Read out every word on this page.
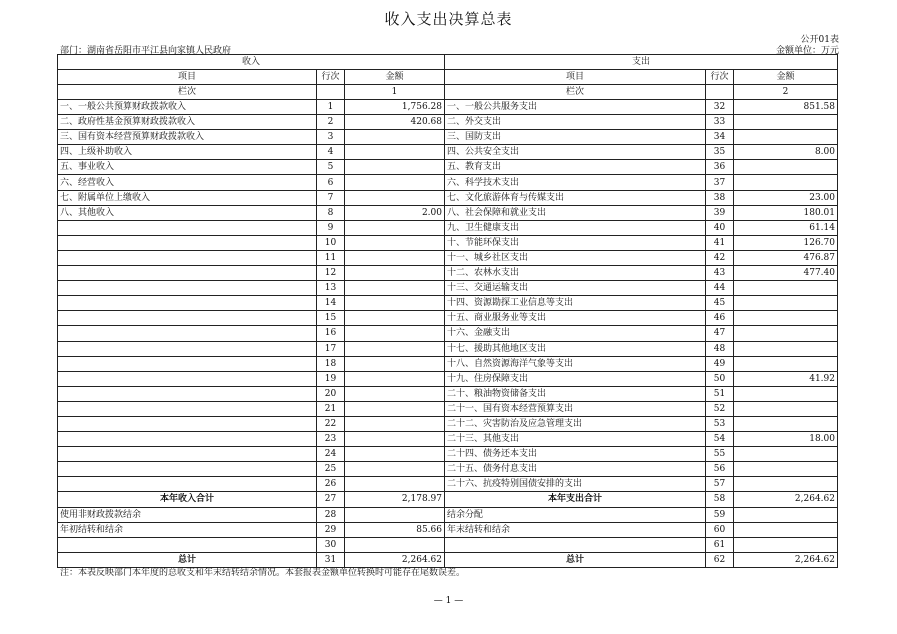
收入支出决算总表
公开01表
部门：湖南省岳阳市平江县向家镇人民政府	金额单位：万元
收入			支出		
项目	行次	金额	项目	行次	金额
栏次		1	栏次		2
一、一般公共预算财政拨款收入	1	1,756.28	一、一般公共服务支出	32	851.58
二、政府性基金预算财政拨款收入	2	420.68	二、外交支出	33	
三、国有资本经营预算财政拨款收入	3		三、国防支出	34	
四、上级补助收入	4		四、公共安全支出	35	8.00
五、事业收入	5		五、教育支出	36	
六、经营收入	6		六、科学技术支出	37	
七、附属单位上缴收入	7		七、文化旅游体育与传媒支出	38	23.00
八、其他收入	8	2.00	八、社会保障和就业支出	39	180.01
	9		九、卫生健康支出	40	61.14
	10		十、节能环保支出	41	126.70
	11		十一、城乡社区支出	42	476.87
	12		十二、农林水支出	43	477.40
	13		十三、交通运输支出	44	
	14		十四、资源勘探工业信息等支出	45	
	15		十五、商业服务业等支出	46	
	16		十六、金融支出	47	
	17		十七、援助其他地区支出	48	
	18		十八、自然资源海洋气象等支出	49	
	19		十九、住房保障支出	50	41.92
	20		二十、粮油物资储备支出	51	
	21		二十一、国有资本经营预算支出	52	
	22		二十二、灾害防治及应急管理支出	53	
	23		二十三、其他支出	54	18.00
	24		二十四、债务还本支出	55	
	25		二十五、债务付息支出	56	
	26		二十六、抗疫特别国债安排的支出	57	
本年收入合计	27	2,178.97	本年支出合计	58	2,264.62
使用非财政拨款结余	28		结余分配	59	
年初结转和结余	29	85.66	年末结转和结余	60	
	30			61	
总计	31	2,264.62	总计	62	2,264.62
注：本表反映部门本年度的总收支和年末结转结余情况。本套报表金额单位转换时可能存在尾数误差。
— 1 —
